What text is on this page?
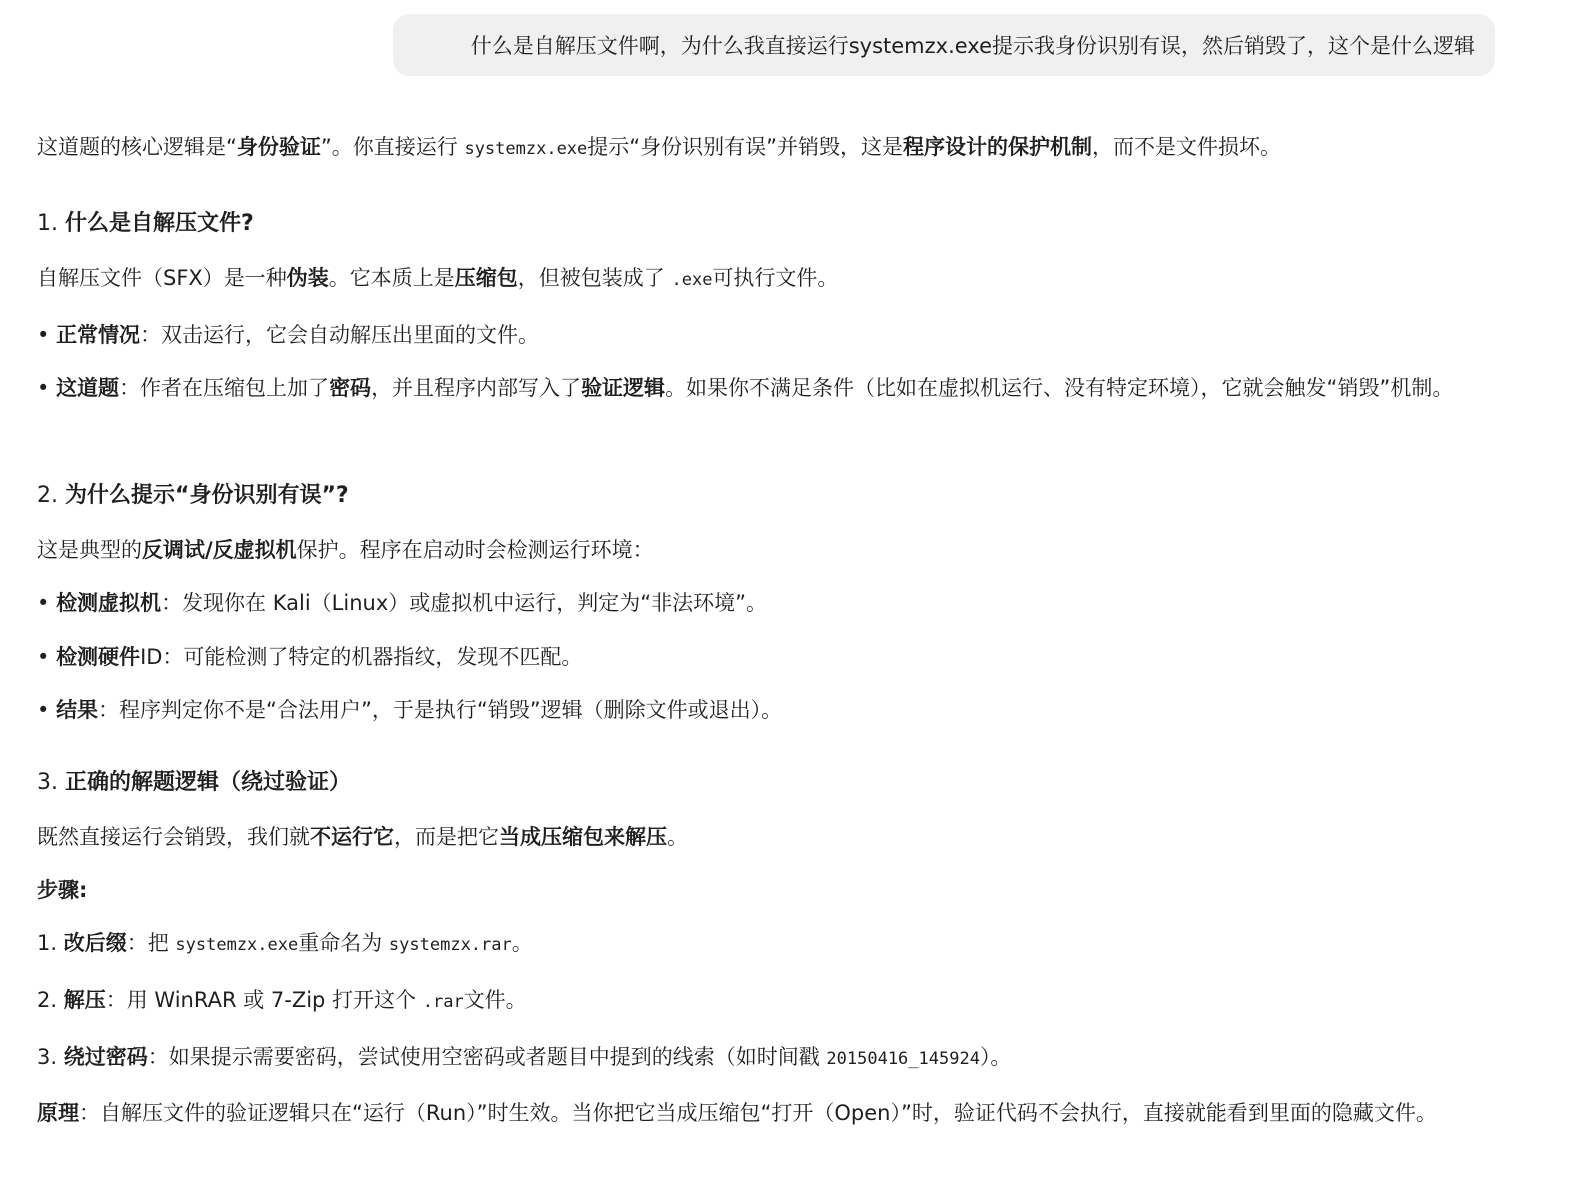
什么是自解压文件啊，为什么我直接运行systemzx.exe提示我身份识别有误，然后销毁了，这个是什么逻辑
这道题的核心逻辑是“身份验证”。你直接运行 systemzx.exe提示“身份识别有误”并销毁，这是程序设计的保护机制，而不是文件损坏。
1. 什么是自解压文件?
自解压文件（SFX）是一种伪装。它本质上是压缩包，但被包装成了 .exe可执行文件。
• 正常情况：双击运行，它会自动解压出里面的文件。
• 这道题：作者在压缩包上加了密码，并且程序内部写入了验证逻辑。如果你不满足条件（比如在虚拟机运行、没有特定环境），它就会触发“销毁”机制。
2. 为什么提示“身份识别有误”?
这是典型的反调试/反虚拟机保护。程序在启动时会检测运行环境：
• 检测虚拟机：发现你在 Kali（Linux）或虚拟机中运行，判定为“非法环境”。
• 检测硬件ID：可能检测了特定的机器指纹，发现不匹配。
• 结果：程序判定你不是“合法用户”，于是执行“销毁”逻辑（删除文件或退出）。
3. 正确的解题逻辑（绕过验证）
既然直接运行会销毁，我们就不运行它，而是把它当成压缩包来解压。
步骤:
1. 改后缀：把 systemzx.exe重命名为 systemzx.rar。
2. 解压：用 WinRAR 或 7-Zip 打开这个 .rar文件。
3. 绕过密码：如果提示需要密码，尝试使用空密码或者题目中提到的线索（如时间戳 20150416_145924）。
原理：自解压文件的验证逻辑只在“运行（Run）”时生效。当你把它当成压缩包“打开（Open）”时，验证代码不会执行，直接就能看到里面的隐藏文件。
